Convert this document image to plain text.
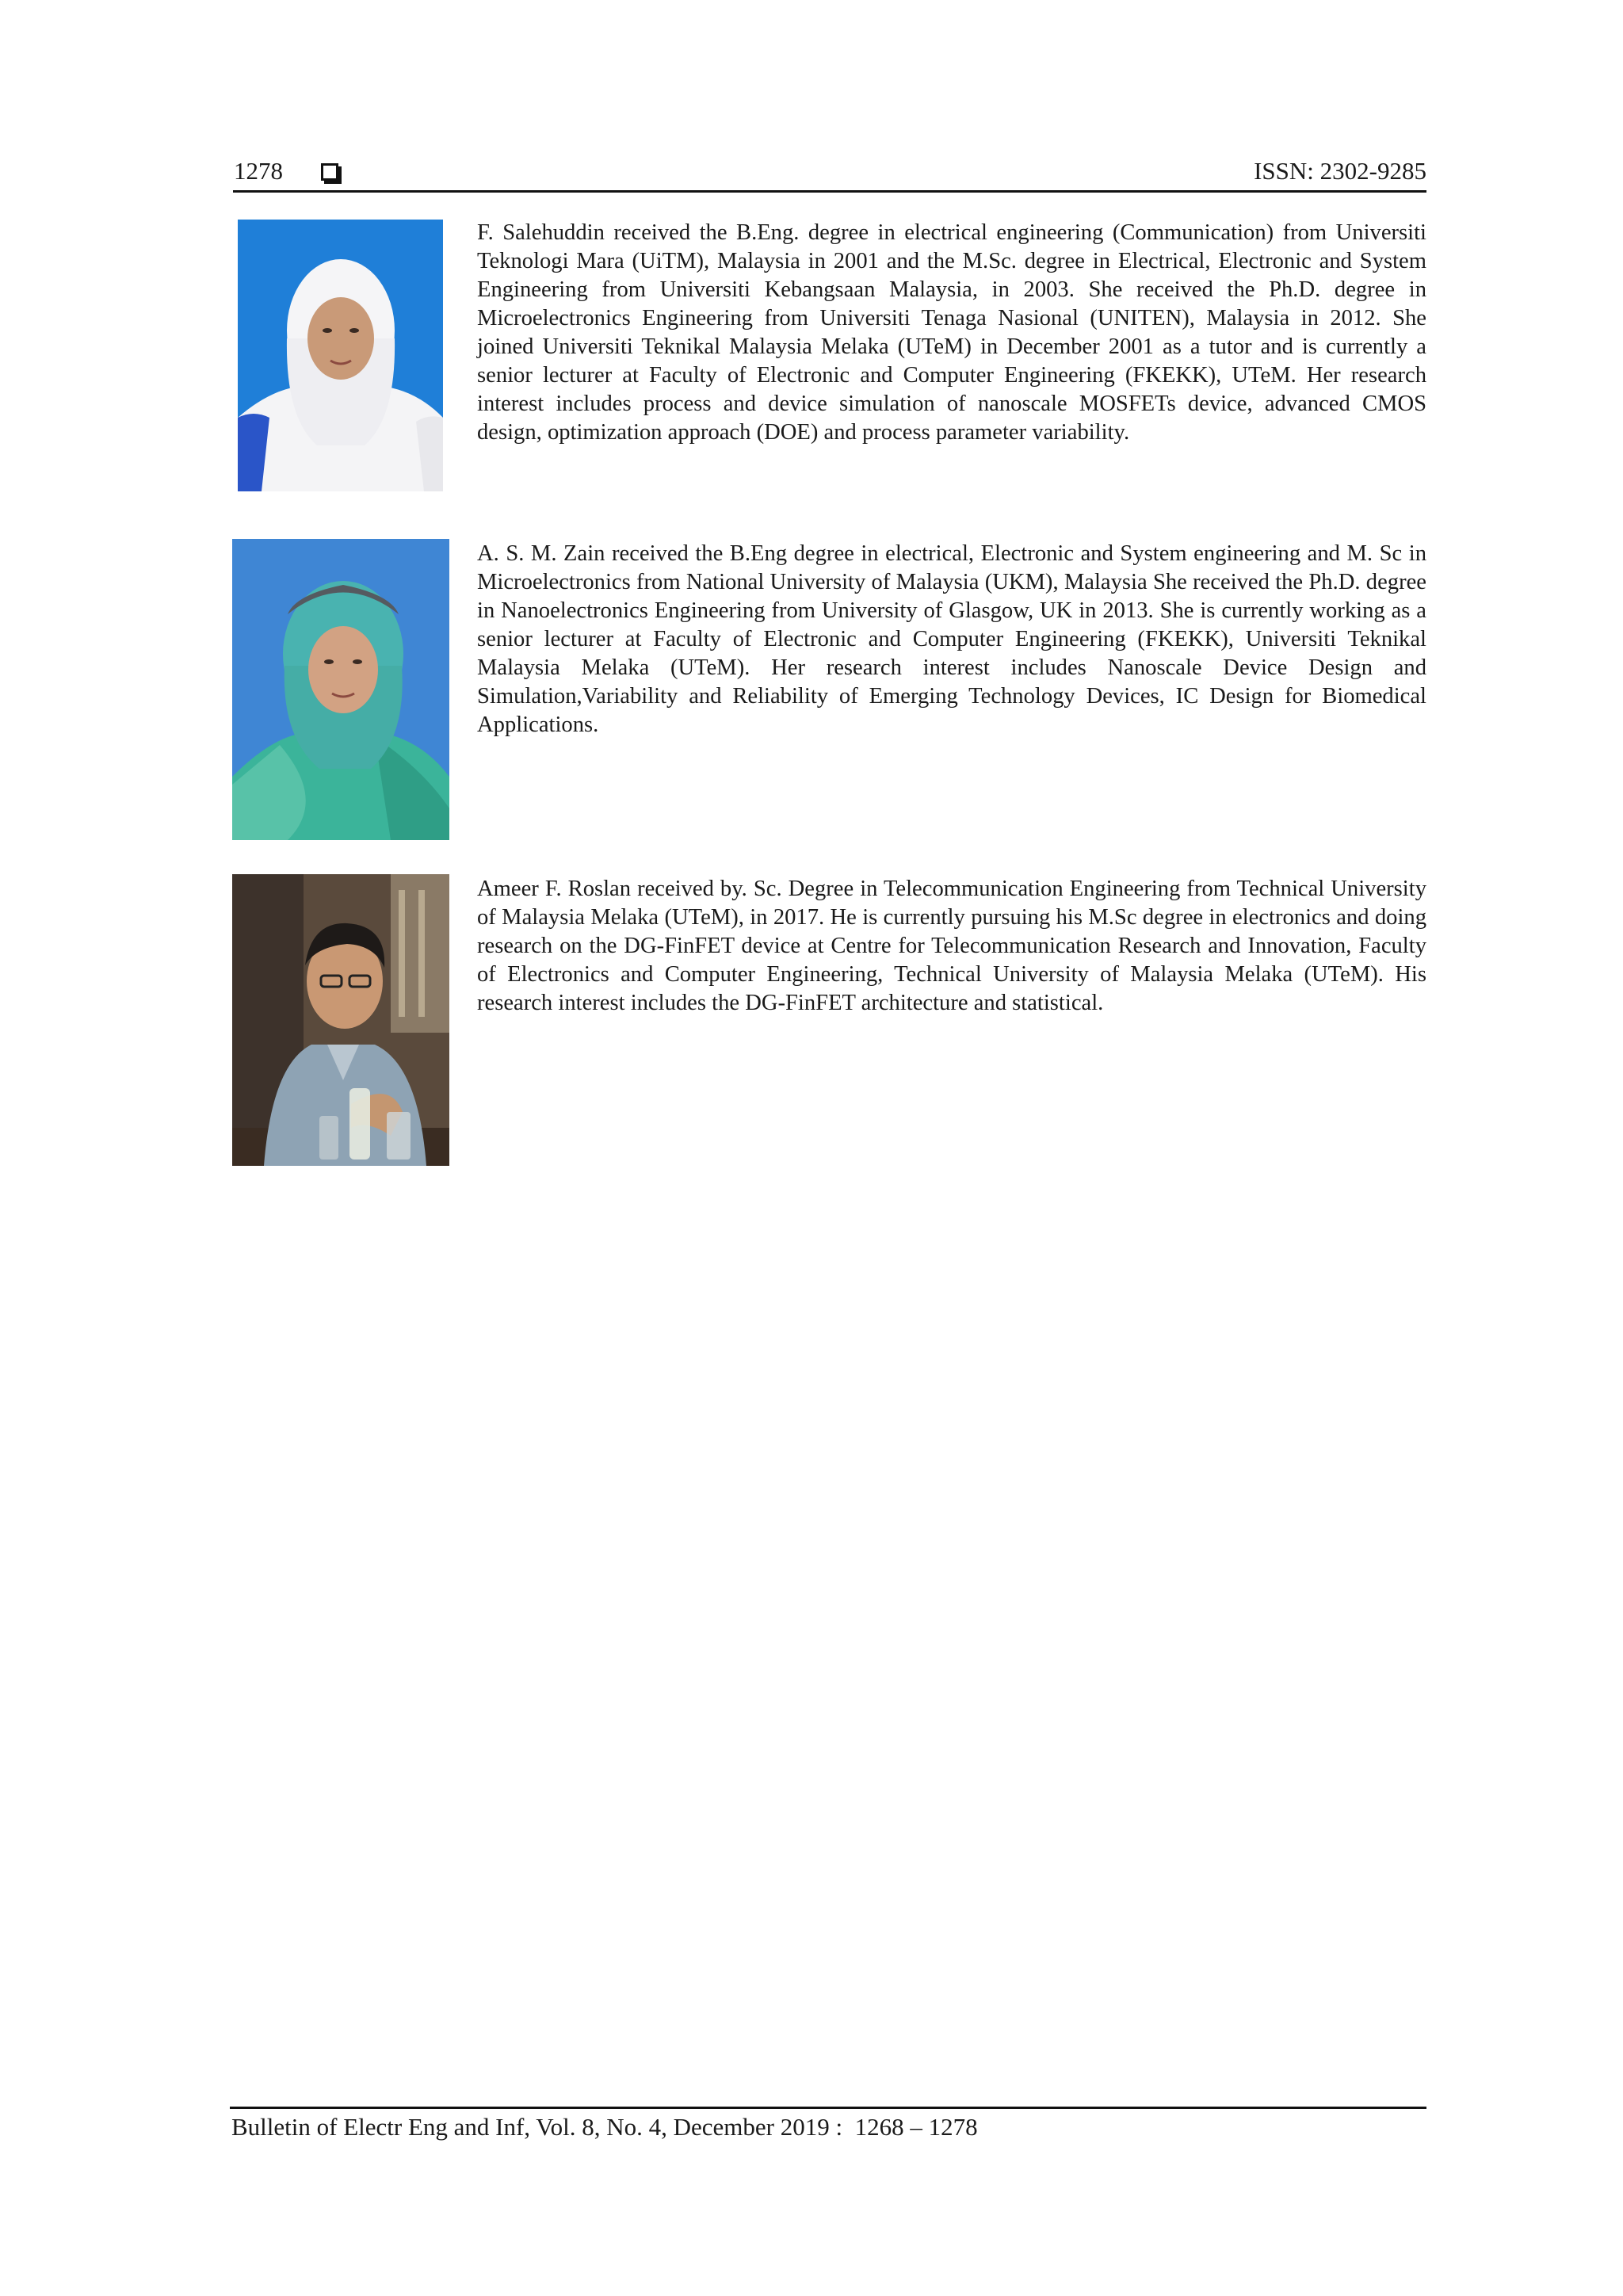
1278	ISSN: 2302-9285

F. Salehuddin received the B.Eng. degree in electrical engineering (Communication) from Universiti Teknologi Mara (UiTM), Malaysia in 2001 and the M.Sc. degree in Electrical, Electronic and System Engineering from Universiti Kebangsaan Malaysia, in 2003. She received the Ph.D. degree in Microelectronics Engineering from Universiti Tenaga Nasional (UNITEN), Malaysia in 2012. She joined Universiti Teknikal Malaysia Melaka (UTeM) in December 2001 as a tutor and is currently a senior lecturer at Faculty of Electronic and Computer Engineering (FKEKK), UTeM. Her research interest includes process and device simulation of nanoscale MOSFETs device, advanced CMOS design, optimization approach (DOE) and process parameter variability.

A. S. M. Zain received the B.Eng degree in electrical, Electronic and System engineering and M. Sc in Microelectronics from National University of Malaysia (UKM), Malaysia She received the Ph.D. degree in Nanoelectronics Engineering from University of Glasgow, UK in 2013. She is currently working as a senior lecturer at Faculty of Electronic and Computer Engineering (FKEKK), Universiti Teknikal Malaysia Melaka (UTeM). Her research interest includes Nanoscale Device Design and Simulation,Variability and Reliability of Emerging Technology Devices, IC Design for Biomedical Applications.

Ameer F. Roslan received by. Sc. Degree in Telecommunication Engineering from Technical University of Malaysia Melaka (UTeM), in 2017. He is currently pursuing his M.Sc degree in electronics and doing research on the DG-FinFET device at Centre for Telecommunication Research and Innovation, Faculty of Electronics and Computer Engineering, Technical University of Malaysia Melaka (UTeM). His research interest includes the DG-FinFET architecture and statistical.

Bulletin of Electr Eng and Inf, Vol. 8, No. 4, December 2019 :  1268 – 1278
